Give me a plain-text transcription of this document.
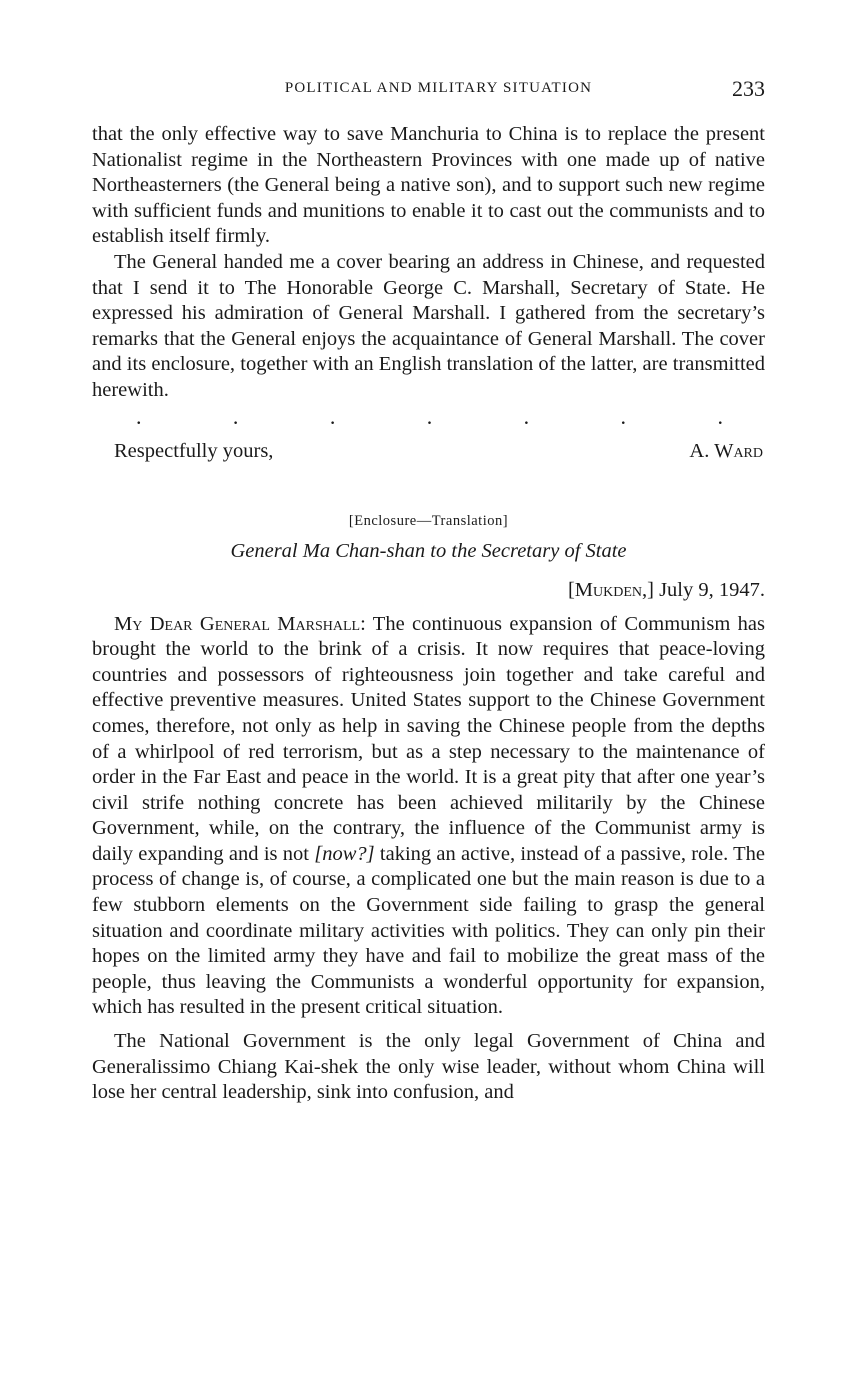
POLITICAL AND MILITARY SITUATION	233

that the only effective way to save Manchuria to China is to replace the present Nationalist regime in the Northeastern Provinces with one made up of native Northeasterners (the General being a native son), and to support such new regime with sufficient funds and munitions to enable it to cast out the communists and to establish itself firmly.

The General handed me a cover bearing an address in Chinese, and requested that I send it to The Honorable George C. Marshall, Secretary of State. He expressed his admiration of General Marshall. I gathered from the secretary’s remarks that the General enjoys the acquaintance of General Marshall. The cover and its enclosure, together with an English translation of the latter, are transmitted herewith.

.	.	.	.	.	.	.
Respectfully yours,	A. Ward
[Enclosure—Translation]
General Ma Chan-shan to the Secretary of State
[Mukden,] July 9, 1947.

My Dear General Marshall: The continuous expansion of Communism has brought the world to the brink of a crisis. It now requires that peace-loving countries and possessors of righteousness join together and take careful and effective preventive measures. United States support to the Chinese Government comes, therefore, not only as help in saving the Chinese people from the depths of a whirlpool of red terrorism, but as a step necessary to the maintenance of order in the Far East and peace in the world. It is a great pity that after one year’s civil strife nothing concrete has been achieved militarily by the Chinese Government, while, on the contrary, the influence of the Communist army is daily expanding and is not [now?] taking an active, instead of a passive, role. The process of change is, of course, a complicated one but the main reason is due to a few stubborn elements on the Government side failing to grasp the general situation and coordinate military activities with politics. They can only pin their hopes on the limited army they have and fail to mobilize the great mass of the people, thus leaving the Communists a wonderful opportunity for expansion, which has resulted in the present critical situation.

The National Government is the only legal Government of China and Generalissimo Chiang Kai-shek the only wise leader, without whom China will lose her central leadership, sink into confusion, and
